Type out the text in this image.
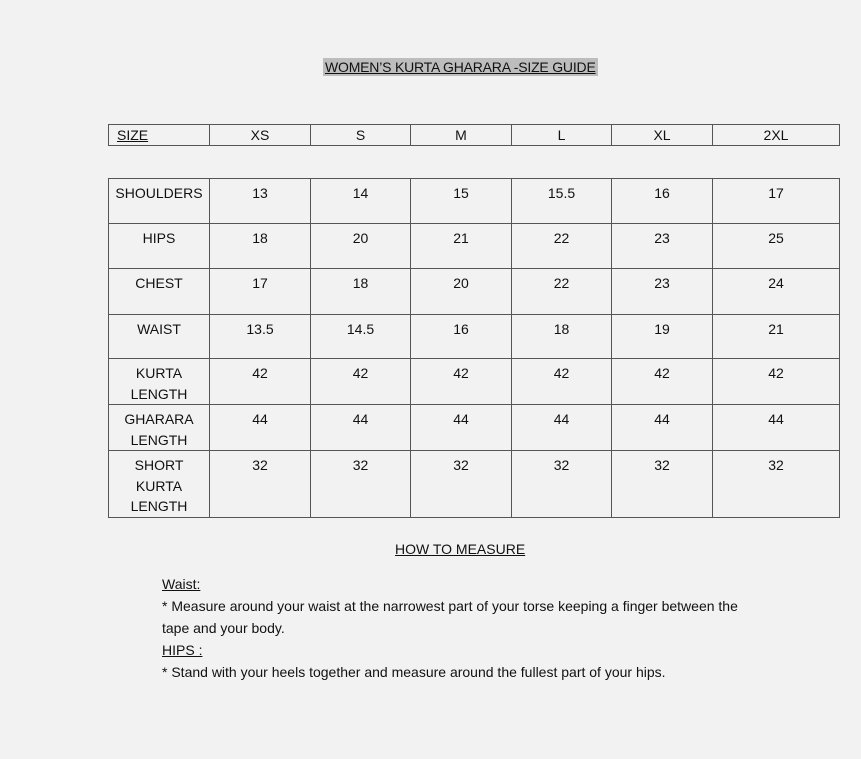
WOMEN’S KURTA GHARARA -SIZE GUIDE
SIZE	XS	S	M	L	XL	2XL
SHOULDERS	13	14	15	15.5	16	17
HIPS	18	20	21	22	23	25
CHEST	17	18	20	22	23	24
WAIST	13.5	14.5	16	18	19	21
KURTA
LENGTH	42	42	42	42	42	42
GHARARA
LENGTH	44	44	44	44	44	44
SHORT
KURTA
LENGTH	32	32	32	32	32	32
HOW TO MEASURE
Waist:
* Measure around your waist at the narrowest part of your torse keeping a finger between the
tape and your body.
HIPS :
* Stand with your heels together and measure around the fullest part of your hips.
